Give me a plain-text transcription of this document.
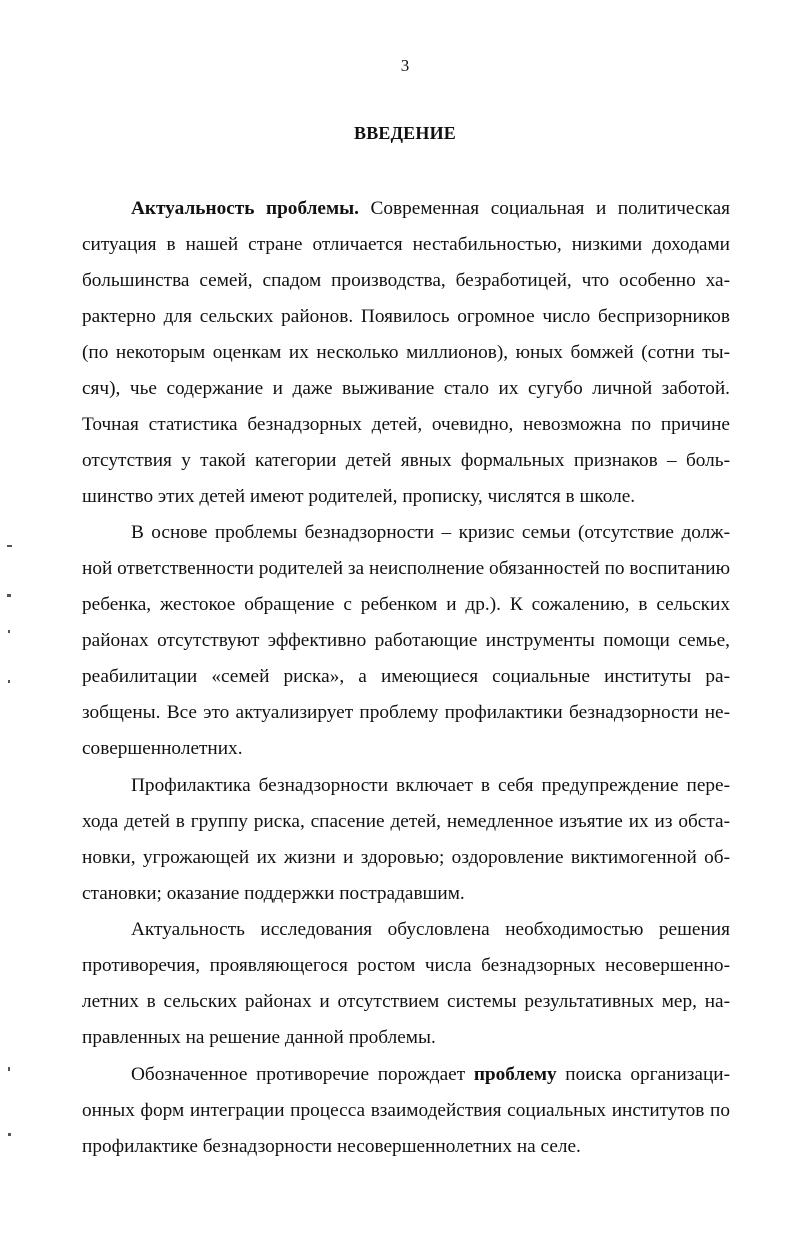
3
ВВЕДЕНИЕ

Актуальность проблемы. Современная социальная и политическая ситуация в нашей стране отличается нестабильностью, низкими доходами большинства семей, спадом производства, безработицей, что особенно характерно для сельских районов. Появилось огромное число беспризорников (по некоторым оценкам их несколько миллионов), юных бомжей (сотни тысяч), чье содержание и даже выживание стало их сугубо личной заботой. Точная статистика безнадзорных детей, очевидно, невозможна по причине отсутствия у такой категории детей явных формальных признаков – большинство этих детей имеют родителей, прописку, числятся в школе.

В основе проблемы безнадзорности – кризис семьи (отсутствие должной ответственности родителей за неисполнение обязанностей по воспитанию ребенка, жестокое обращение с ребенком и др.). К сожалению, в сельских районах отсутствуют эффективно работающие инструменты помощи семье, реабилитации «семей риска», а имеющиеся социальные институты разобщены. Все это актуализирует проблему профилактики безнадзорности несовершеннолетних.

Профилактика безнадзорности включает в себя предупреждение перехода детей в группу риска, спасение детей, немедленное изъятие их из обстановки, угрожающей их жизни и здоровью; оздоровление виктимогенной обстановки; оказание поддержки пострадавшим.

Актуальность исследования обусловлена необходимостью решения противоречия, проявляющегося ростом числа безнадзорных несовершеннолетних в сельских районах и отсутствием системы результативных мер, направленных на решение данной проблемы.

Обозначенное противоречие порождает проблему поиска организационных форм интеграции процесса взаимодействия социальных институтов по профилактике безнадзорности несовершеннолетних на селе.
